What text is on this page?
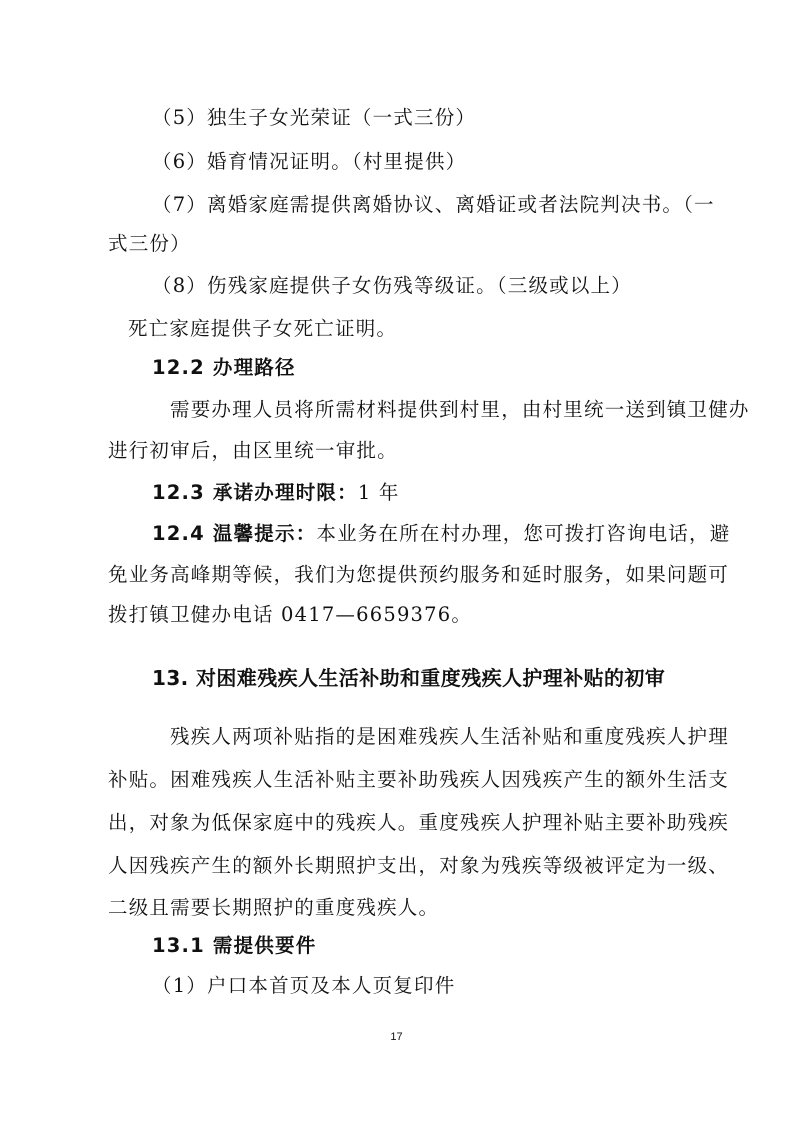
（5）独生子女光荣证（一式三份）
（6）婚育情况证明。（村里提供）
（7）离婚家庭需提供离婚协议、离婚证或者法院判决书。（一
式三份）
（8）伤残家庭提供子女伤残等级证。（三级或以上）
死亡家庭提供子女死亡证明。
12.2 办理路径
需要办理人员将所需材料提供到村里，由村里统一送到镇卫健办
进行初审后，由区里统一审批。
12.3 承诺办理时限：1 年
12.4 温馨提示：本业务在所在村办理，您可拨打咨询电话，避
免业务高峰期等候，我们为您提供预约服务和延时服务，如果问题可
拨打镇卫健办电话 0417—6659376。
13. 对困难残疾人生活补助和重度残疾人护理补贴的初审
残疾人两项补贴指的是困难残疾人生活补贴和重度残疾人护理
补贴。困难残疾人生活补贴主要补助残疾人因残疾产生的额外生活支
出，对象为低保家庭中的残疾人。重度残疾人护理补贴主要补助残疾
人因残疾产生的额外长期照护支出，对象为残疾等级被评定为一级、
二级且需要长期照护的重度残疾人。
13.1 需提供要件
（1）户口本首页及本人页复印件
17
